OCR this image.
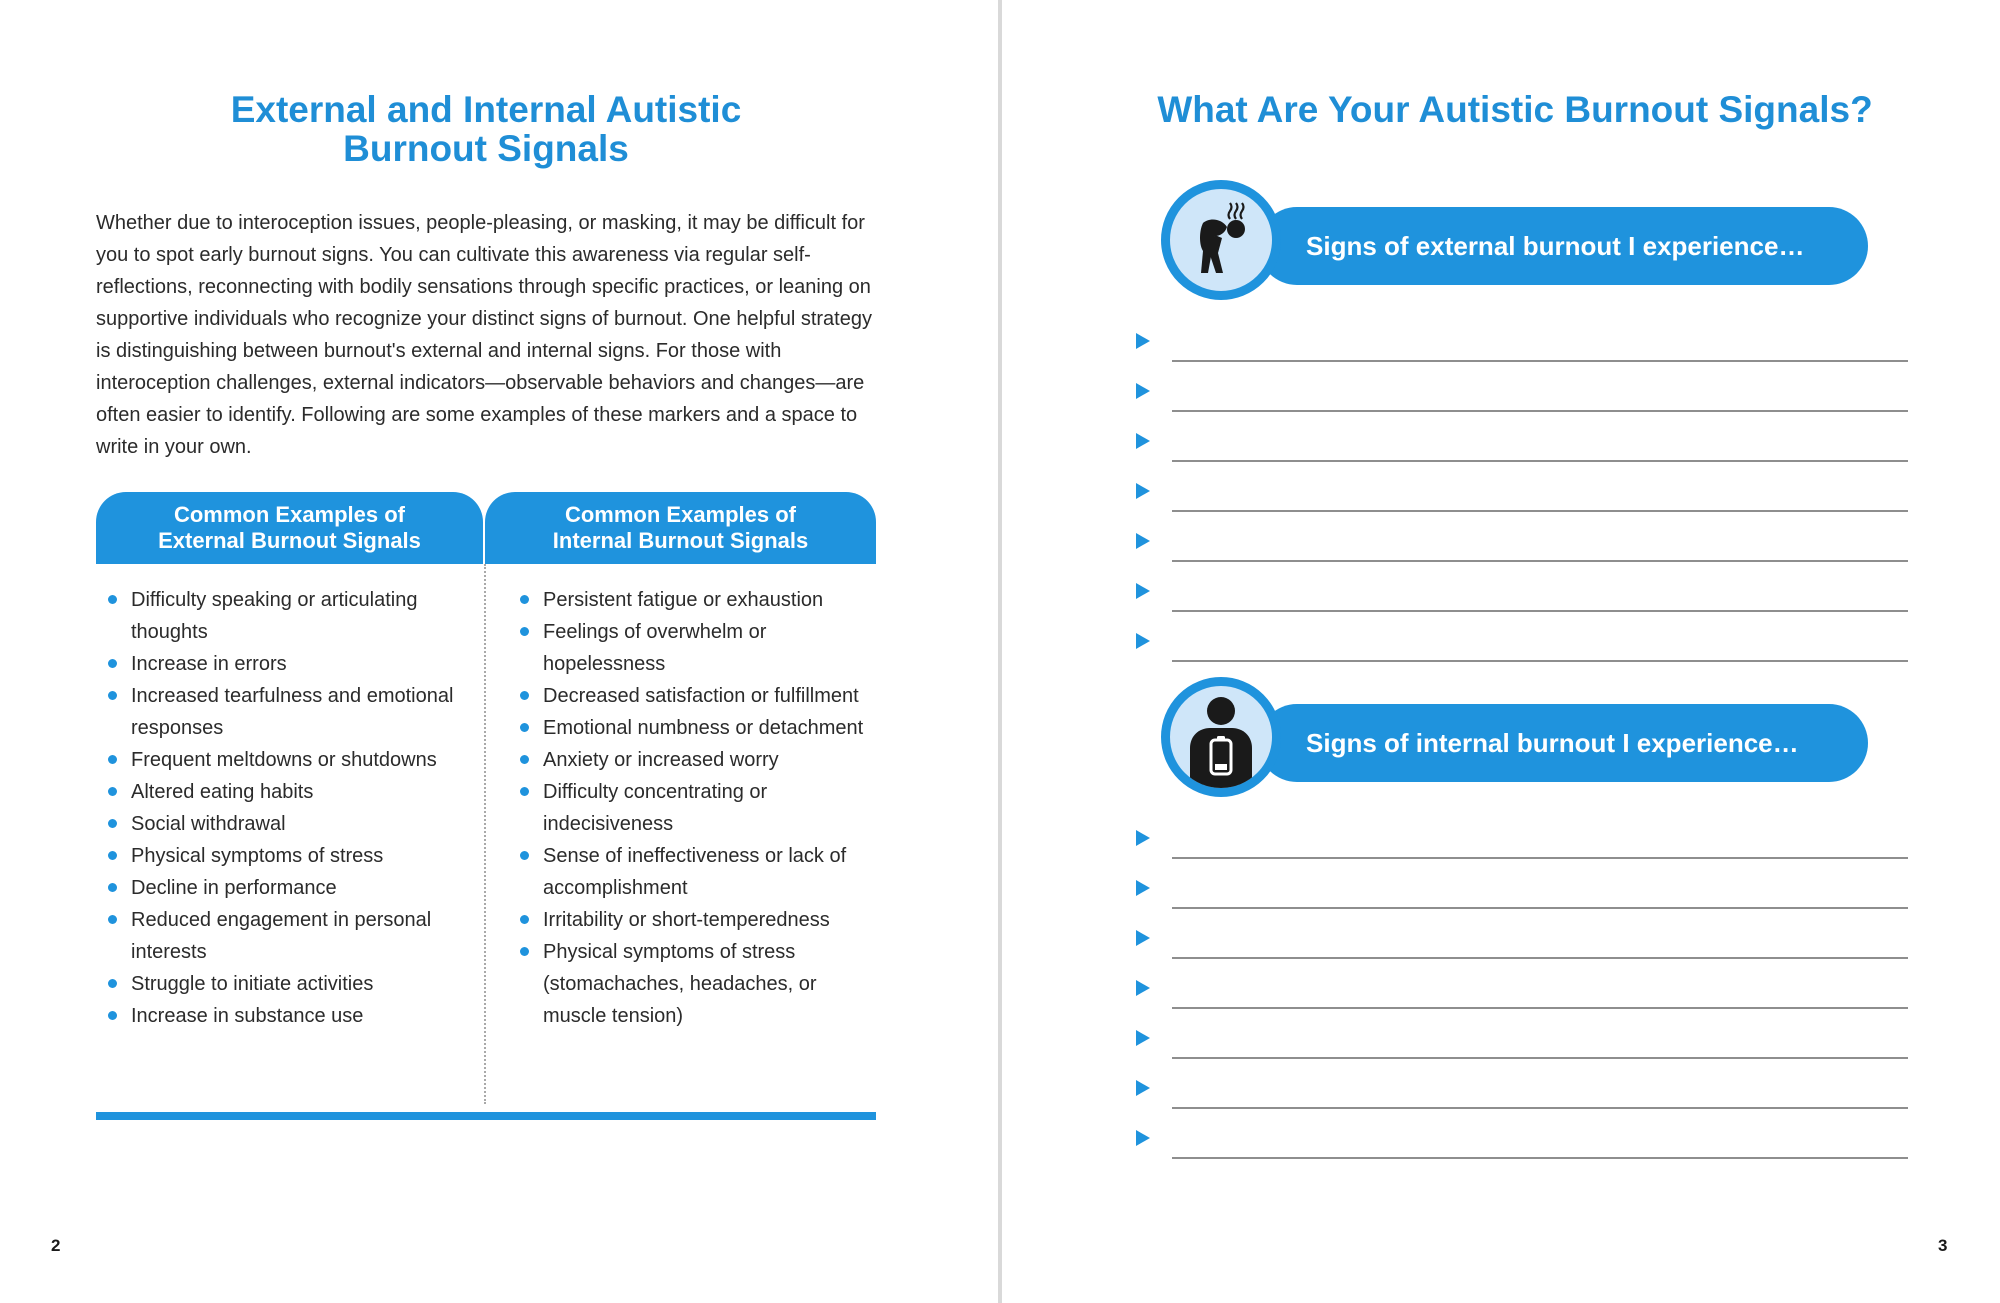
External and Internal Autistic
Burnout Signals

Whether due to interoception issues, people-pleasing, or masking, it may be difficult for you to spot early burnout signs. You can cultivate this awareness via regular self-reflections, reconnecting with bodily sensations through specific practices, or leaning on supportive individuals who recognize your distinct signs of burnout. One helpful strategy is distinguishing between burnout's external and internal signs. For those with interoception challenges, external indicators—observable behaviors and changes—are often easier to identify. Following are some examples of these markers and a space to write in your own.

Common Examples of
External Burnout Signals
Common Examples of
Internal Burnout Signals
Difficulty speaking or articulating thoughts
Increase in errors
Increased tearfulness and emotional responses
Frequent meltdowns or shutdowns
Altered eating habits
Social withdrawal
Physical symptoms of stress
Decline in performance
Reduced engagement in personal interests
Struggle to initiate activities
Increase in substance use
Persistent fatigue or exhaustion
Feelings of overwhelm or hopelessness
Decreased satisfaction or fulfillment
Emotional numbness or detachment
Anxiety or increased worry
Difficulty concentrating or indecisiveness
Sense of ineffectiveness or lack of accomplishment
Irritability or short-temperedness
Physical symptoms of stress (stomachaches, headaches, or muscle tension)
2
What Are Your Autistic Burnout Signals?
Signs of external burnout I experience…
Signs of internal burnout I experience…
3
